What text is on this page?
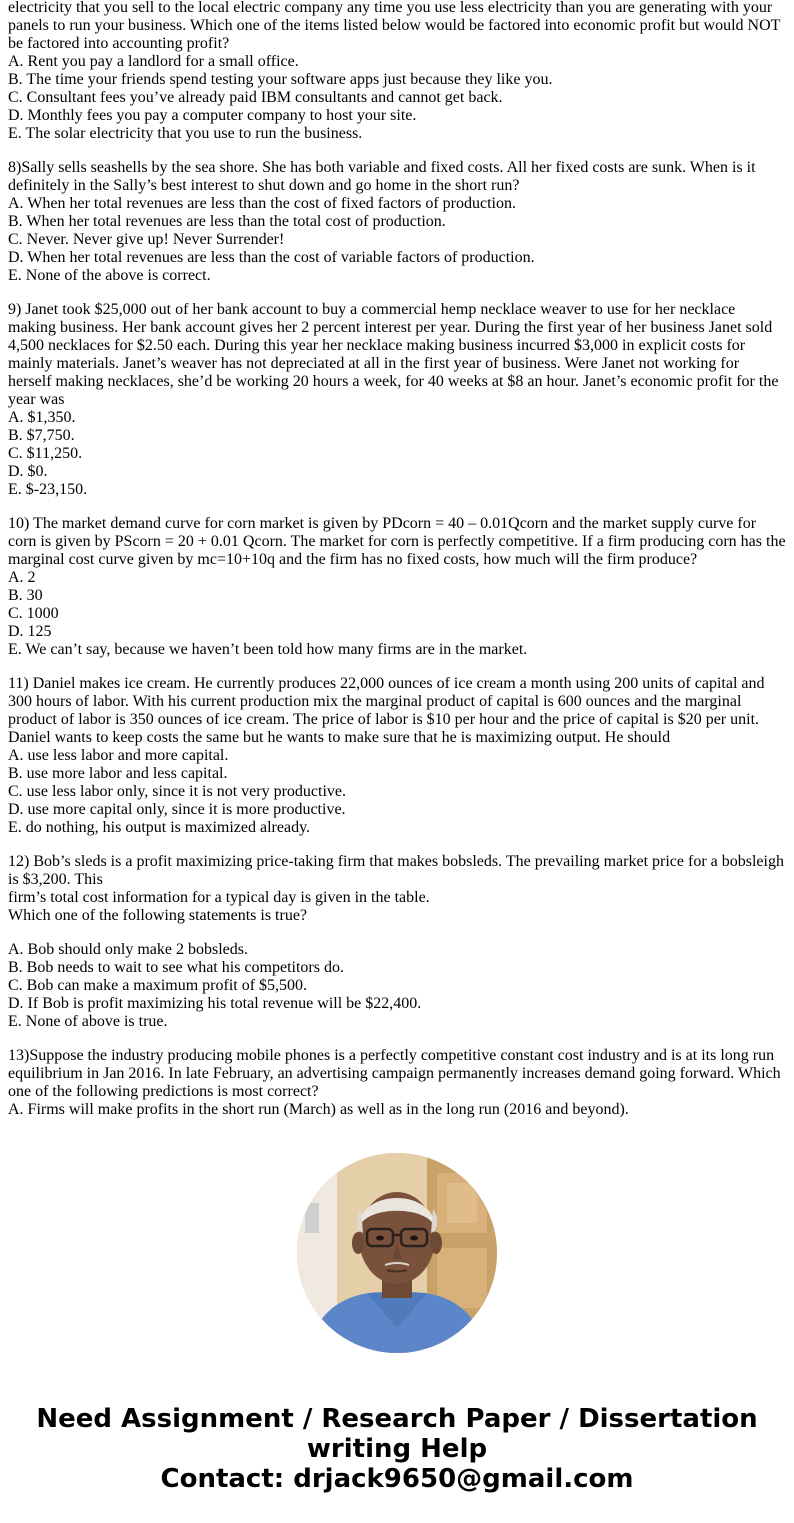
electricity that you sell to the local electric company any time you use less electricity than you are generating with your
panels to run your business. Which one of the items listed below would be factored into economic profit but would NOT
be factored into accounting profit?
A. Rent you pay a landlord for a small office.
B. The time your friends spend testing your software apps just because they like you.
C. Consultant fees you’ve already paid IBM consultants and cannot get back.
D. Monthly fees you pay a computer company to host your site.
E. The solar electricity that you use to run the business.

8)Sally sells seashells by the sea shore. She has both variable and fixed costs. All her fixed costs are sunk. When is it
definitely in the Sally’s best interest to shut down and go home in the short run?
A. When her total revenues are less than the cost of fixed factors of production.
B. When her total revenues are less than the total cost of production.
C. Never. Never give up! Never Surrender!
D. When her total revenues are less than the cost of variable factors of production.
E. None of the above is correct.

9) Janet took $25,000 out of her bank account to buy a commercial hemp necklace weaver to use for her necklace
making business. Her bank account gives her 2 percent interest per year. During the first year of her business Janet sold
4,500 necklaces for $2.50 each. During this year her necklace making business incurred $3,000 in explicit costs for
mainly materials. Janet’s weaver has not depreciated at all in the first year of business. Were Janet not working for
herself making necklaces, she’d be working 20 hours a week, for 40 weeks at $8 an hour. Janet’s economic profit for the
year was
A. $1,350.
B. $7,750.
C. $11,250.
D. $0.
E. $-23,150.

10) The market demand curve for corn market is given by PDcorn = 40 – 0.01Qcorn and the market supply curve for
corn is given by PScorn = 20 + 0.01 Qcorn. The market for corn is perfectly competitive. If a firm producing corn has the
marginal cost curve given by mc=10+10q and the firm has no fixed costs, how much will the firm produce?
A. 2
B. 30
C. 1000
D. 125
E. We can’t say, because we haven’t been told how many firms are in the market.

11) Daniel makes ice cream. He currently produces 22,000 ounces of ice cream a month using 200 units of capital and
300 hours of labor. With his current production mix the marginal product of capital is 600 ounces and the marginal
product of labor is 350 ounces of ice cream. The price of labor is $10 per hour and the price of capital is $20 per unit.
Daniel wants to keep costs the same but he wants to make sure that he is maximizing output. He should
A. use less labor and more capital.
B. use more labor and less capital.
C. use less labor only, since it is not very productive.
D. use more capital only, since it is more productive.
E. do nothing, his output is maximized already.

12) Bob’s sleds is a profit maximizing price-taking firm that makes bobsleds. The prevailing market price for a bobsleigh
is $3,200. This
firm’s total cost information for a typical day is given in the table.
Which one of the following statements is true?

A. Bob should only make 2 bobsleds.
B. Bob needs to wait to see what his competitors do.
C. Bob can make a maximum profit of $5,500.
D. If Bob is profit maximizing his total revenue will be $22,400.
E. None of above is true.

13)Suppose the industry producing mobile phones is a perfectly competitive constant cost industry and is at its long run
equilibrium in Jan 2016. In late February, an advertising campaign permanently increases demand going forward. Which
one of the following predictions is most correct?
A. Firms will make profits in the short run (March) as well as in the long run (2016 and beyond).

Need Assignment / Research Paper / Dissertation
writing Help
Contact: drjack9650@gmail.com
